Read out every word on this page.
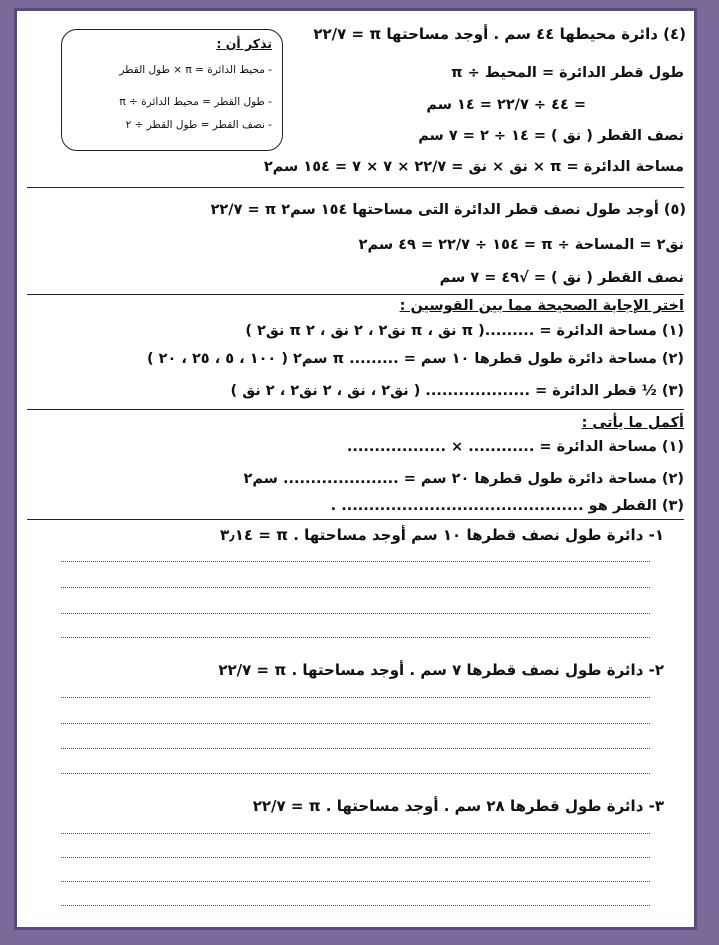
تذكر أن :
- محيط الدائرة = π × طول القطر
- طول القطر = محيط الدائرة ÷ π
- نصف القطر = طول القطر ÷ ٢
(٤) دائرة محيطها ٤٤ سم . أوجد مساحتها π = ٢٢/٧
طول قطر الدائرة = المحيط ÷ π
= ٤٤ ÷ ٢٢/٧ = ١٤ سم
نصف القطر ( نق ) = ١٤ ÷ ٢ = ٧ سم
مساحة الدائرة = π × نق × نق = ٢٢/٧ × ٧ × ٧ = ١٥٤ سم٢
(٥) أوجد طول نصف قطر الدائرة التى مساحتها ١٥٤ سم٢ π = ٢٢/٧
نق٢ = المساحة ÷ π = ١٥٤ ÷ ٢٢/٧ = ٤٩ سم٢
نصف القطر ( نق ) = √٤٩ = ٧ سم
اختر الإجابة الصحيحة مما بين القوسين :
(١) مساحة الدائرة = .........( π نق ، π نق٢ ، ٢ نق ، ٢ π نق٢ )
(٢) مساحة دائرة طول قطرها ١٠ سم = ......... π سم٢ ( ١٠٠ ، ٥ ، ٢٥ ، ٢٠ )
(٣) ½ قطر الدائرة = ................... ( نق٢ ، نق ، ٢ نق٢ ، ٢ نق )
أكمل ما يأتى :
(١) مساحة الدائرة = ............ × ..................
(٢) مساحة دائرة طول قطرها ٢٠ سم = ..................... سم٢
(٣) القطر هو ............................................ .
١- دائرة طول نصف قطرها ١٠ سم أوجد مساحتها . π = ٣٫١٤
٢- دائرة طول نصف قطرها ٧ سم . أوجد مساحتها . π = ٢٢/٧
٣- دائرة طول قطرها ٢٨ سم . أوجد مساحتها . π = ٢٢/٧
